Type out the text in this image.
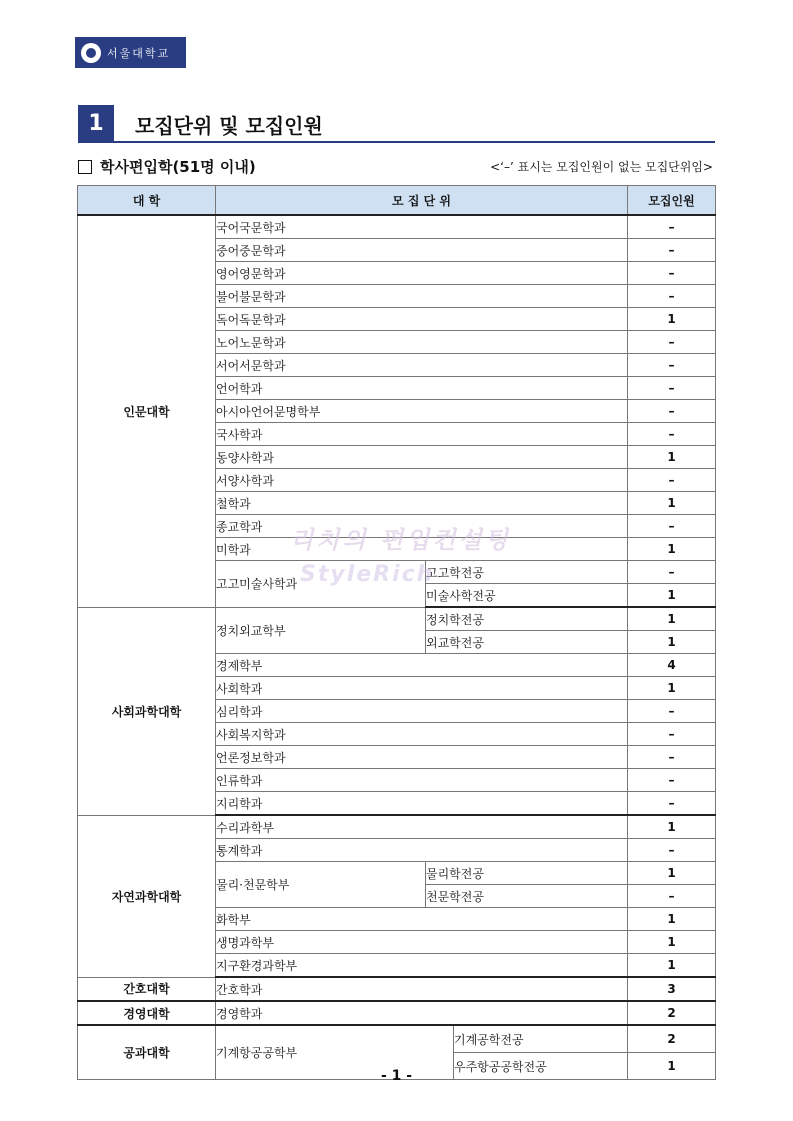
서울대학교
1	모집단위 및 모집인원
학사편입학(51명 이내)	<‘–’ 표시는 모집인원이 없는 모집단위임>
대 학	모 집 단 위			모집인원
인문대학	국어국문학과			–
	중어중문학과			–
	영어영문학과			–
	불어불문학과			–
	독어독문학과			1
	노어노문학과			–
	서어서문학과			–
	언어학과			–
	아시아언어문명학부			–
	국사학과			–
	동양사학과			1
	서양사학과			–
	철학과			1
	종교학과			–
	미학과			1
	고고미술사학과	고고학전공		–
		미술사학전공		1
사회과학대학	정치외교학부	정치학전공		1
		외교학전공		1
	경제학부			4
	사회학과			1
	심리학과			–
	사회복지학과			–
	언론정보학과			–
	인류학과			–
	지리학과			–
자연과학대학	수리과학부			1
	통계학과			–
	물리·천문학부	물리학전공		1
		천문학전공		–
	화학부			1
	생명과학부			1
	지구환경과학부			1
간호대학	간호학과			3
경영대학	경영학과			2
공과대학	기계항공공학부		기계공학전공	2
			우주항공공학전공	1
리치의 편입컨설팅
StyleRich
- 1 -
